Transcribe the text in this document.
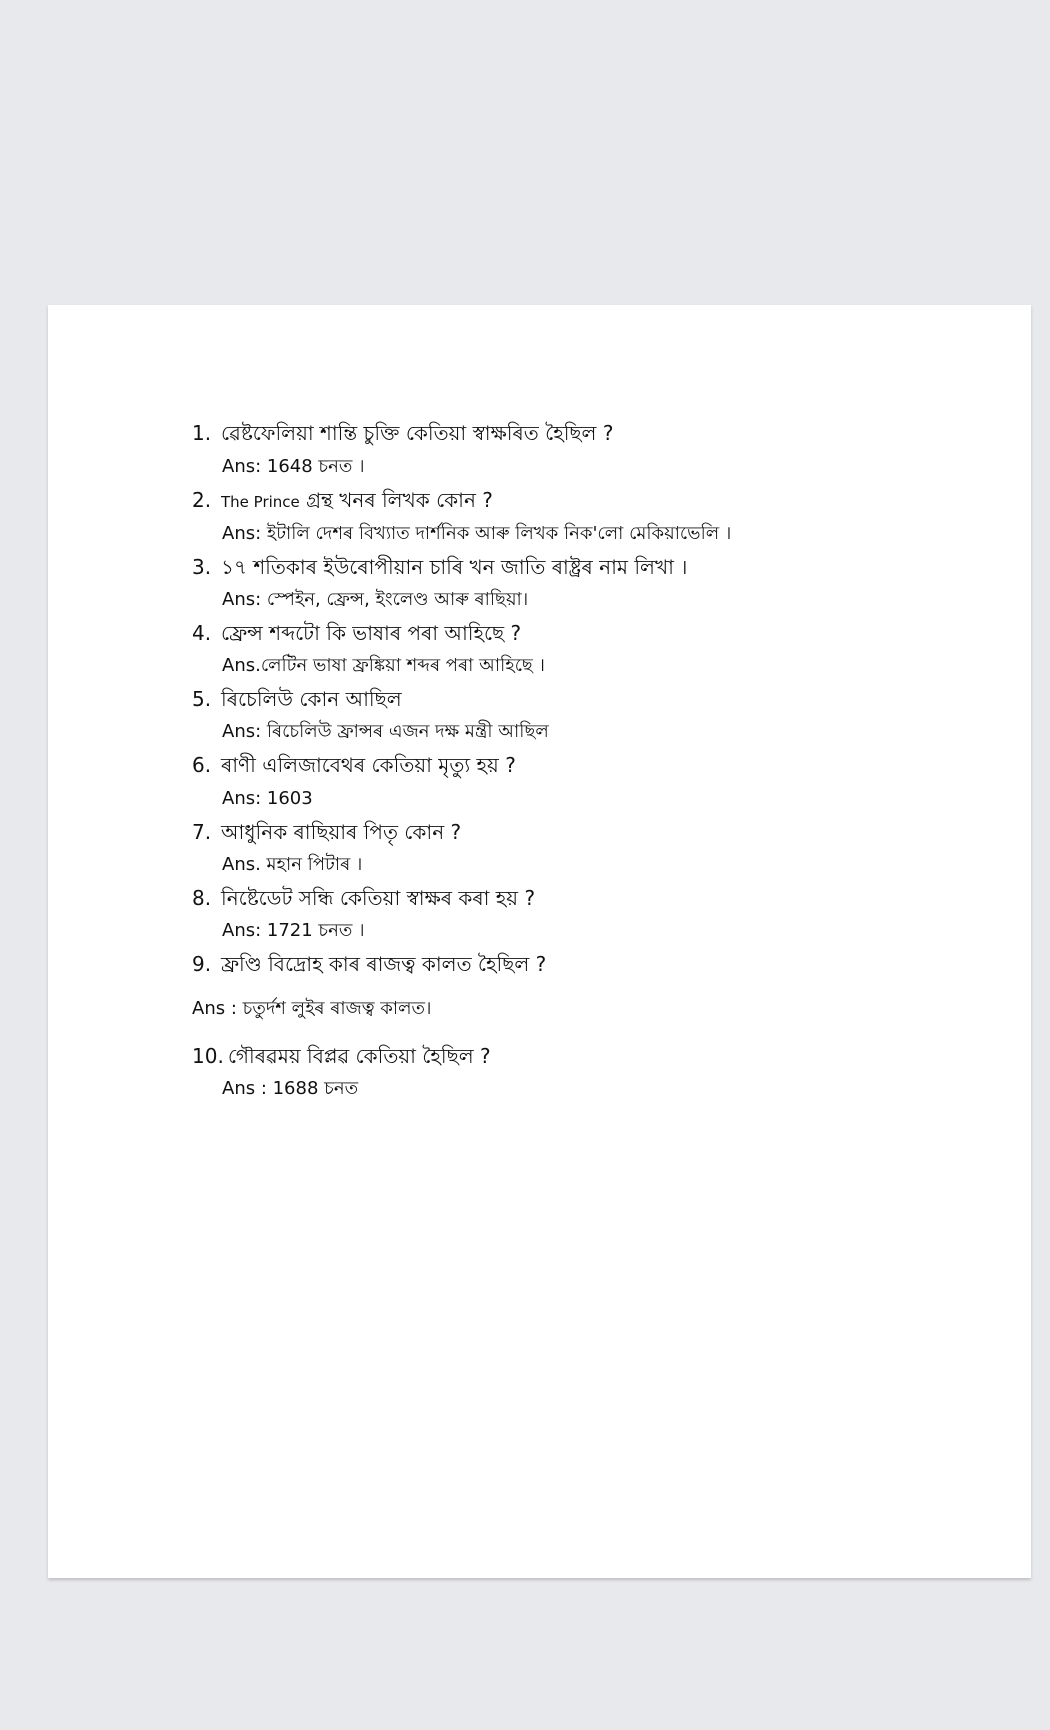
1. ৱেষ্টফেলিয়া শান্তি চুক্তি কেতিয়া স্বাক্ষৰিত হৈছিল ?
Ans: 1648 চনত ।
2. The Prince গ্ৰন্থ খনৰ লিখক কোন ?
Ans: ইটালি দেশৰ বিখ্যাত দাৰ্শনিক আৰু লিখক নিক'লো মেকিয়াভেলি ।
3. ১৭ শতিকাৰ ইউৰোপীয়ান চাৰি খন জাতি ৰাষ্ট্ৰৰ নাম লিখা ।
Ans: স্পেইন, ফ্ৰেন্স, ইংলেণ্ড আৰু ৰাছিয়া।
4. ফ্ৰেন্স শব্দটো কি ভাষাৰ পৰা আহিছে ?
Ans.লেটিন ভাষা ফ্ৰঙ্কিয়া শব্দৰ পৰা আহিছে ।
5. ৰিচেলিউ কোন আছিল
Ans: ৰিচেলিউ ফ্ৰান্সৰ এজন দক্ষ মন্ত্ৰী আছিল
6. ৰাণী এলিজাবেথৰ কেতিয়া মৃত্যু হয় ?
Ans: 1603
7. আধুনিক ৰাছিয়াৰ পিতৃ কোন ?
Ans. মহান পিটাৰ ।
8. নিষ্টেডেট সন্ধি কেতিয়া স্বাক্ষৰ কৰা হয় ?
Ans: 1721 চনত ।
9. ফ্ৰণ্ডি বিদ্ৰোহ কাৰ ৰাজত্ব কালত হৈছিল ?
Ans : চতুৰ্দশ লুইৰ ৰাজত্ব কালত।
10. গৌৰৱময় বিপ্লৱ কেতিয়া হৈছিল ?
Ans : 1688 চনত
